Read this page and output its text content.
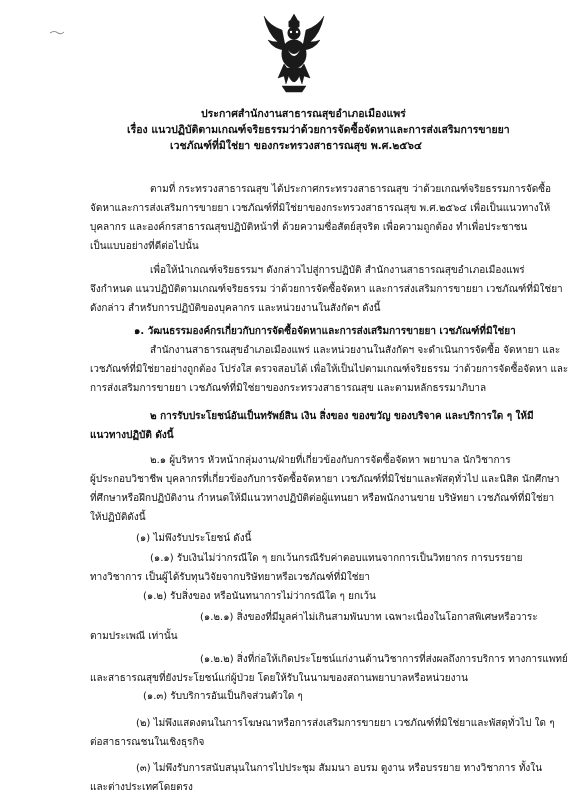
ประกาศสำนักงานสาธารณสุขอำเภอเมืองแพร่
เรื่อง แนวปฏิบัติตามเกณฑ์จริยธรรมว่าด้วยการจัดซื้อจัดหาและการส่งเสริมการขายยา
เวชภัณฑ์ที่มิใช่ยา ของกระทรวงสาธารณสุข พ.ศ.๒๕๖๔
ตามที่ กระทรวงสาธารณสุข ได้ประกาศกระทรวงสาธารณสุข ว่าด้วยเกณฑ์จริยธรรมการจัดซื้อ
จัดหาและการส่งเสริมการขายยา เวชภัณฑ์ที่มิใช่ยาของกระทรวงสาธารณสุข พ.ศ.๒๕๖๔ เพื่อเป็นแนวทางให้
บุคลากร และองค์กรสาธารณสุขปฏิบัติหน้าที่ ด้วยความซื่อสัตย์สุจริต เพื่อความถูกต้อง ทำเพื่อประชาชน
เป็นแบบอย่างที่ดีต่อไปนั้น
เพื่อให้นำเกณฑ์จริยธรรมฯ ดังกล่าวไปสู่การปฏิบัติ สำนักงานสาธารณสุขอำเภอเมืองแพร่
จึงกำหนด แนวปฏิบัติตามเกณฑ์จริยธรรม ว่าด้วยการจัดซื้อจัดหา และการส่งเสริมการขายยา เวชภัณฑ์ที่มิใช่ยา
ดังกล่าว สำหรับการปฏิบัติของบุคลากร และหน่วยงานในสังกัดฯ ดังนี้
๑. วัฒนธรรมองค์กรเกี่ยวกับการจัดซื้อจัดหาและการส่งเสริมการขายยา เวชภัณฑ์ที่มิใช่ยา
สำนักงานสาธารณสุขอำเภอเมืองแพร่ และหน่วยงานในสังกัดฯ จะดำเนินการจัดซื้อ จัดหายา และ
เวชภัณฑ์ที่มิใช่ยาอย่างถูกต้อง โปร่งใส ตรวจสอบได้ เพื่อให้เป็นไปตามเกณฑ์จริยธรรม ว่าด้วยการจัดซื้อจัดหา และ
การส่งเสริมการขายยา เวชภัณฑ์ที่มิใช่ยาของกระทรวงสาธารณสุข และตามหลักธรรมาภิบาล
๒ การรับประโยชน์อันเป็นทรัพย์สิน เงิน สิ่งของ ของขวัญ ของบริจาค และบริการใด ๆ ให้มี
แนวทางปฏิบัติ ดังนี้
๒.๑ ผู้บริหาร หัวหน้ากลุ่มงาน/ฝ่ายที่เกี่ยวข้องกับการจัดซื้อจัดหา พยาบาล นักวิชาการ
ผู้ประกอบวิชาชีพ บุคลากรที่เกี่ยวข้องกับการจัดซื้อจัดหายา เวชภัณฑ์ที่มิใช่ยาและพัสดุทั่วไป และนิสิต นักศึกษา
ที่ศึกษาหรือฝึกปฏิบัติงาน กำหนดให้มีแนวทางปฏิบัติต่อผู้แทนยา หรือพนักงานขาย บริษัทยา เวชภัณฑ์ที่มิใช่ยา
ให้ปฏิบัติดังนี้
(๑) ไม่พึงรับประโยชน์ ดังนี้
(๑.๑) รับเงินไม่ว่ากรณีใด ๆ ยกเว้นกรณีรับค่าตอบแทนจากการเป็นวิทยากร การบรรยาย
ทางวิชาการ เป็นผู้ได้รับทุนวิจัยจากบริษัทยาหรือเวชภัณฑ์ที่มิใช่ยา
(๑.๒) รับสิ่งของ หรือนันทนาการไม่ว่ากรณีใด ๆ ยกเว้น
(๑.๒.๑) สิ่งของที่มีมูลค่าไม่เกินสามพันบาท เฉพาะเนื่องในโอกาสพิเศษหรือวาระ
ตามประเพณี เท่านั้น
(๑.๒.๒) สิ่งที่ก่อให้เกิดประโยชน์แก่งานด้านวิชาการที่ส่งผลถึงการบริการ ทางการแพทย์
และสาธารณสุขที่ยังประโยชน์แก่ผู้ป่วย โดยให้รับในนามของสถานพยาบาลหรือหน่วยงาน
(๑.๓) รับบริการอันเป็นกิจส่วนตัวใด ๆ
(๒) ไม่พึงแสดงตนในการโฆษณาหรือการส่งเสริมการขายยา เวชภัณฑ์ที่มิใช่ยาและพัสดุทั่วไป ใด ๆ
ต่อสาธารณชนในเชิงธุรกิจ
(๓) ไม่พึงรับการสนับสนุนในการไปประชุม สัมมนา อบรม ดูงาน หรือบรรยาย ทางวิชาการ ทั้งใน
และต่างประเทศโดยตรง
